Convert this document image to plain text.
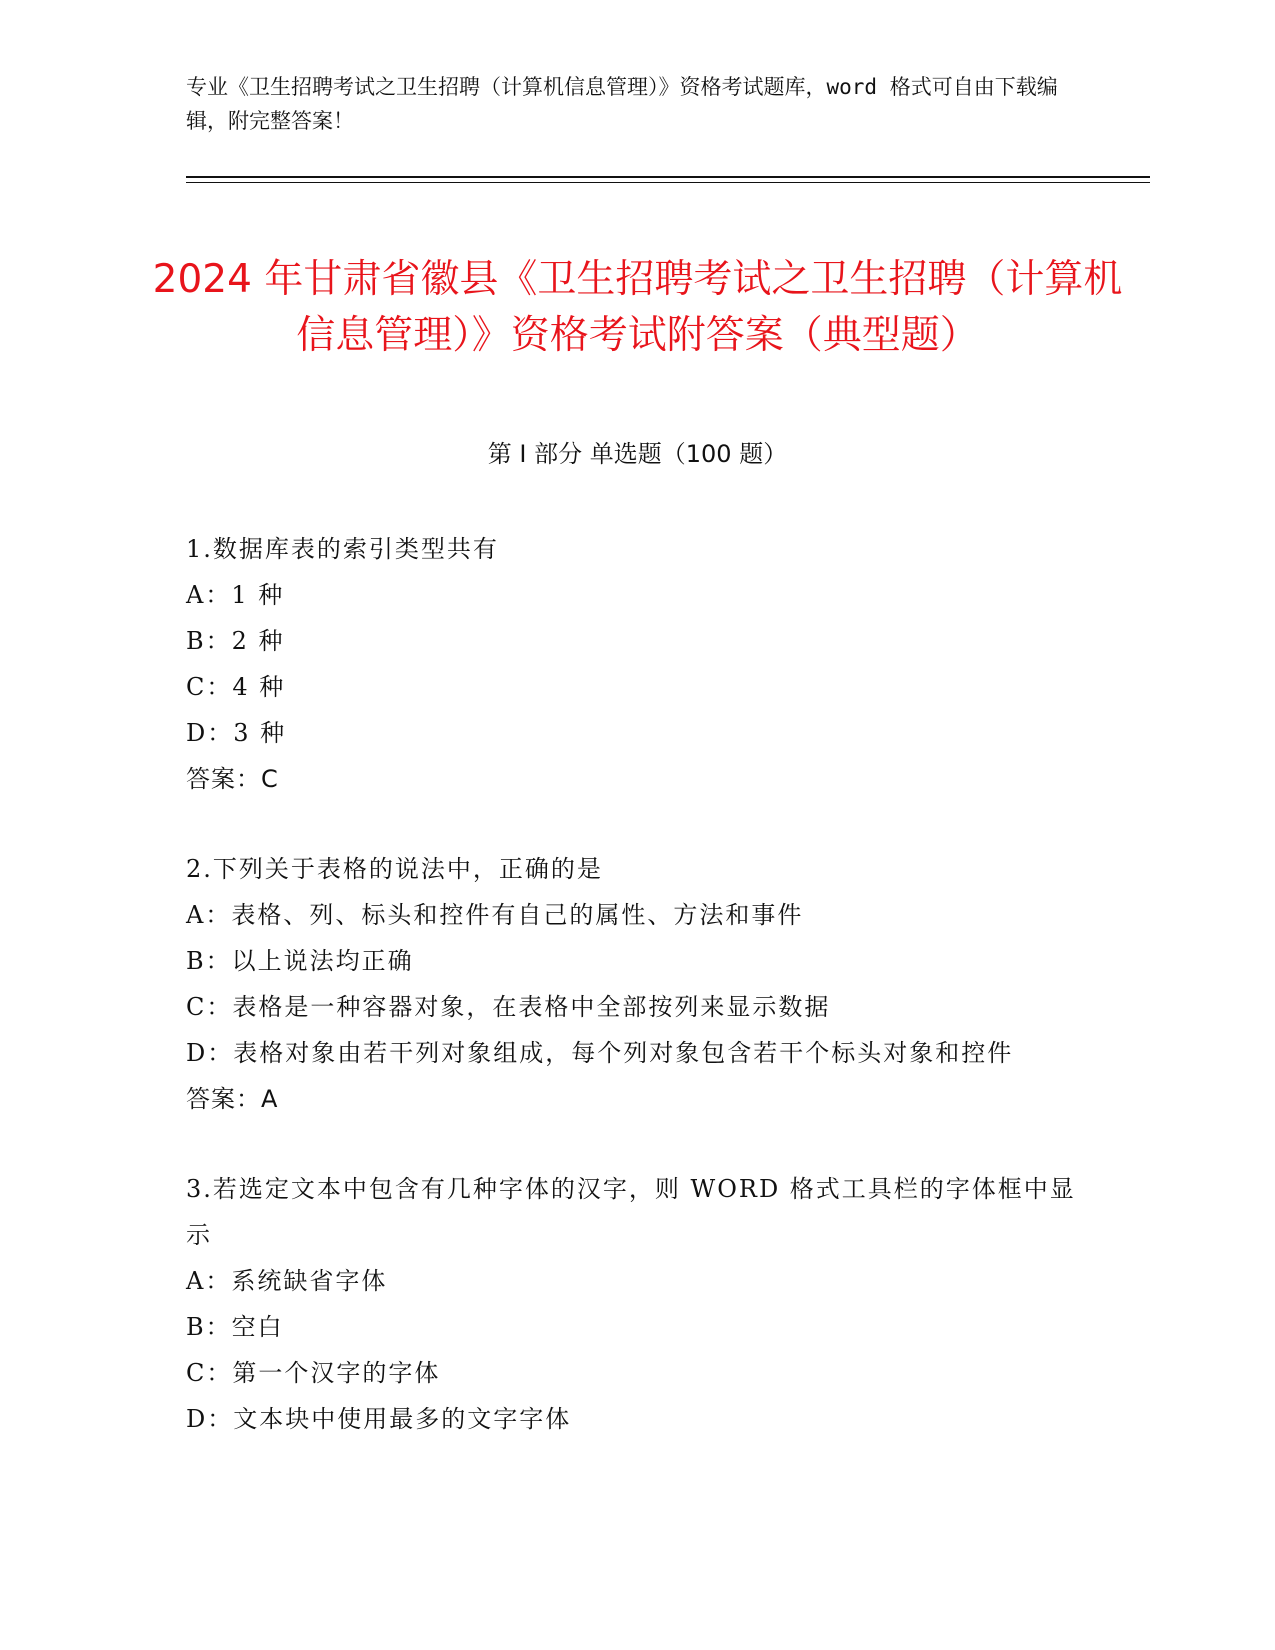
专业《卫生招聘考试之卫生招聘（计算机信息管理）》资格考试题库，word 格式可自由下载编辑，附完整答案！
2024 年甘肃省徽县《卫生招聘考试之卫生招聘（计算机信息管理）》资格考试附答案（典型题）
第 I 部分 单选题（100 题）

1.数据库表的索引类型共有

A：1 种

B：2 种

C：4 种

D：3 种

答案：C

2.下列关于表格的说法中，正确的是

A：表格、列、标头和控件有自己的属性、方法和事件

B：以上说法均正确

C：表格是一种容器对象，在表格中全部按列来显示数据

D：表格对象由若干列对象组成，每个列对象包含若干个标头对象和控件

答案：A

3.若选定文本中包含有几种字体的汉字，则 WORD 格式工具栏的字体框中显示

A：系统缺省字体

B：空白

C：第一个汉字的字体

D：文本块中使用最多的文字字体
